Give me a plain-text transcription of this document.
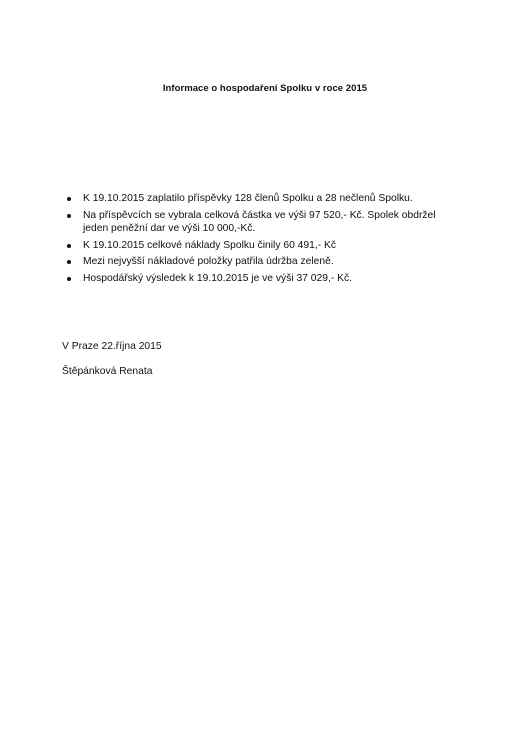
Informace o hospodaření Spolku v roce 2015
K 19.10.2015 zaplatilo příspěvky 128 členů Spolku a 28 nečlenů Spolku.
Na příspěvcích se vybrala celková částka ve výši 97 520,- Kč. Spolek obdržel
jeden peněžní dar ve výši 10 000,-Kč.
K 19.10.2015 celkové náklady Spolku činily 60 491,- Kč
Mezi nejvyšší nákladové položky patřila údržba zeleně.
Hospodářský výsledek k 19.10.2015 je ve výši 37 029,- Kč.
V Praze 22.října 2015
Štěpánková Renata
